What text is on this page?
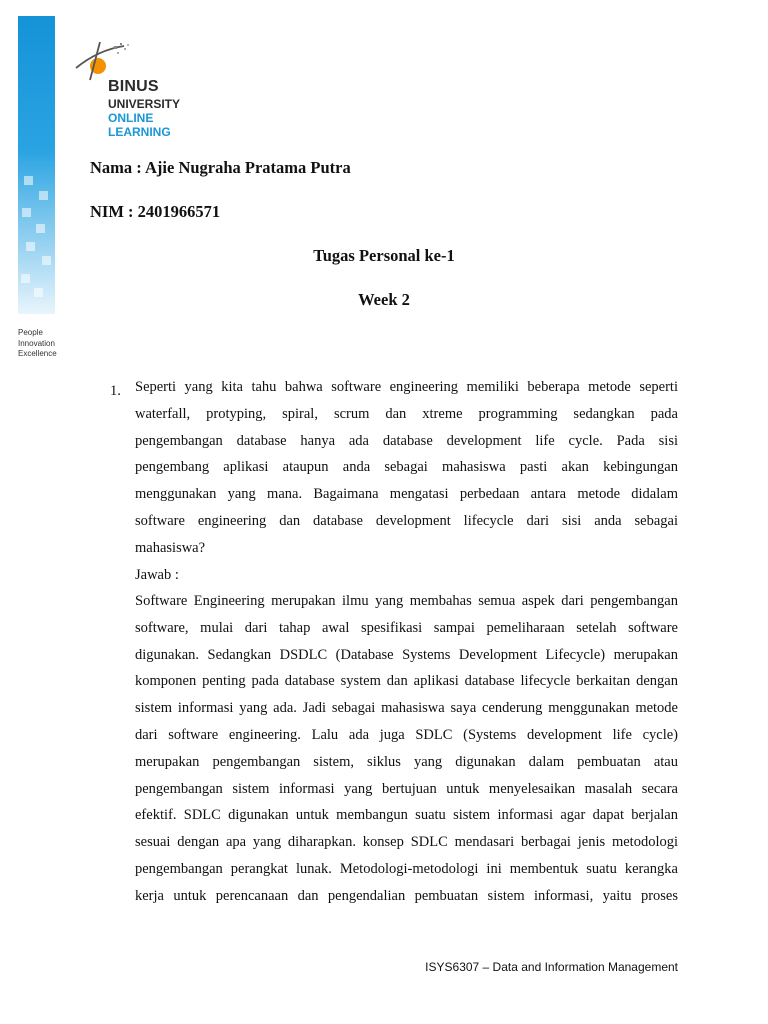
BINUS
UNIVERSITY
ONLINE
LEARNING
People
Innovation
Excellence
Nama : Ajie Nugraha Pratama Putra
NIM : 2401966571
Tugas Personal ke-1
Week 2
1. Seperti yang kita tahu bahwa software engineering memiliki beberapa metode seperti
waterfall, protyping, spiral, scrum dan xtreme programming sedangkan pada
pengembangan database hanya ada database development life cycle. Pada sisi
pengembang aplikasi ataupun anda sebagai mahasiswa pasti akan kebingungan
menggunakan yang mana. Bagaimana mengatasi perbedaan antara metode didalam
software engineering dan database development lifecycle dari sisi anda sebagai
mahasiswa?
Jawab :
Software Engineering merupakan ilmu yang membahas semua aspek dari pengembangan
software, mulai dari tahap awal spesifikasi sampai pemeliharaan setelah software
digunakan. Sedangkan DSDLC (Database Systems Development Lifecycle) merupakan
komponen penting pada database system dan aplikasi database lifecycle berkaitan dengan
sistem informasi yang ada. Jadi sebagai mahasiswa saya cenderung menggunakan metode
dari software engineering. Lalu ada juga SDLC (Systems development life cycle)
merupakan pengembangan sistem, siklus yang digunakan dalam pembuatan atau
pengembangan sistem informasi yang bertujuan untuk menyelesaikan masalah secara
efektif. SDLC digunakan untuk membangun suatu sistem informasi agar dapat berjalan
sesuai dengan apa yang diharapkan. konsep SDLC mendasari berbagai jenis metodologi
pengembangan perangkat lunak. Metodologi-metodologi ini membentuk suatu kerangka
kerja untuk perencanaan dan pengendalian pembuatan sistem informasi, yaitu proses
ISYS6307 – Data and Information Management
